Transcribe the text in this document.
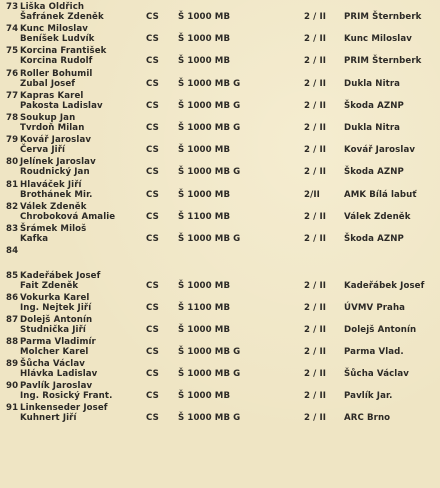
73 Liška Oldřich
Šafránek Zdeněk	CS Š 1000 MB	2 / II PRIM Šternberk
74 Kunc Miloslav
Beníšek Ludvík	CS Š 1000 MB	2 / II Kunc Miloslav
75 Korcina František
Korcina Rudolf	CS Š 1000 MB	2 / II PRIM Šternberk
76 Roller Bohumil
Zubal Josef	CS Š 1000 MB G	2 / II Dukla Nitra
77 Kapras Karel
Pakosta Ladislav	CS Š 1000 MB G	2 / II Škoda AZNP
78 Soukup Jan
Tvrdoň Milan	CS Š 1000 MB G	2 / II Dukla Nitra
79 Kovář Jaroslav
Červa Jiří	CS Š 1000 MB	2 / II Kovář Jaroslav
80 Jelínek Jaroslav
Roudnický Jan	CS Š 1000 MB G	2 / II Škoda AZNP
81 Hlaváček Jiří
Brothánek Mir.	CS Š 1000 MB	2/II	AMK Bílá labuť
82 Válek Zdeněk
Chroboková Amalie	CS Š 1100 MB	2 / II Válek Zdeněk
83 Šrámek Miloš
Kafka	CS Š 1000 MB G	2 / II Škoda AZNP
84
85 Kadeřábek Josef
Fait Zdeněk	CS Š 1000 MB	2 / II Kadeřábek Josef
86 Vokurka Karel
Ing. Nejtek Jiří	CS Š 1100 MB	2 / II ÚVMV Praha
87 Dolejš Antonín
Studnička Jiří	CS Š 1000 MB	2 / II Dolejš Antonín
88 Parma Vladimír
Molcher Karel	CS Š 1000 MB G	2 / II Parma Vlad.
89 Šůcha Václav
Hlávka Ladislav	CS Š 1000 MB G	2 / II Šůcha Václav
90 Pavlík Jaroslav
Ing. Rosický Frant.	CS Š 1000 MB	2 / II Pavlík Jar.
91 Linkenseder Josef
Kuhnert Jiří	CS Š 1000 MB G	2 / II ARC Brno
